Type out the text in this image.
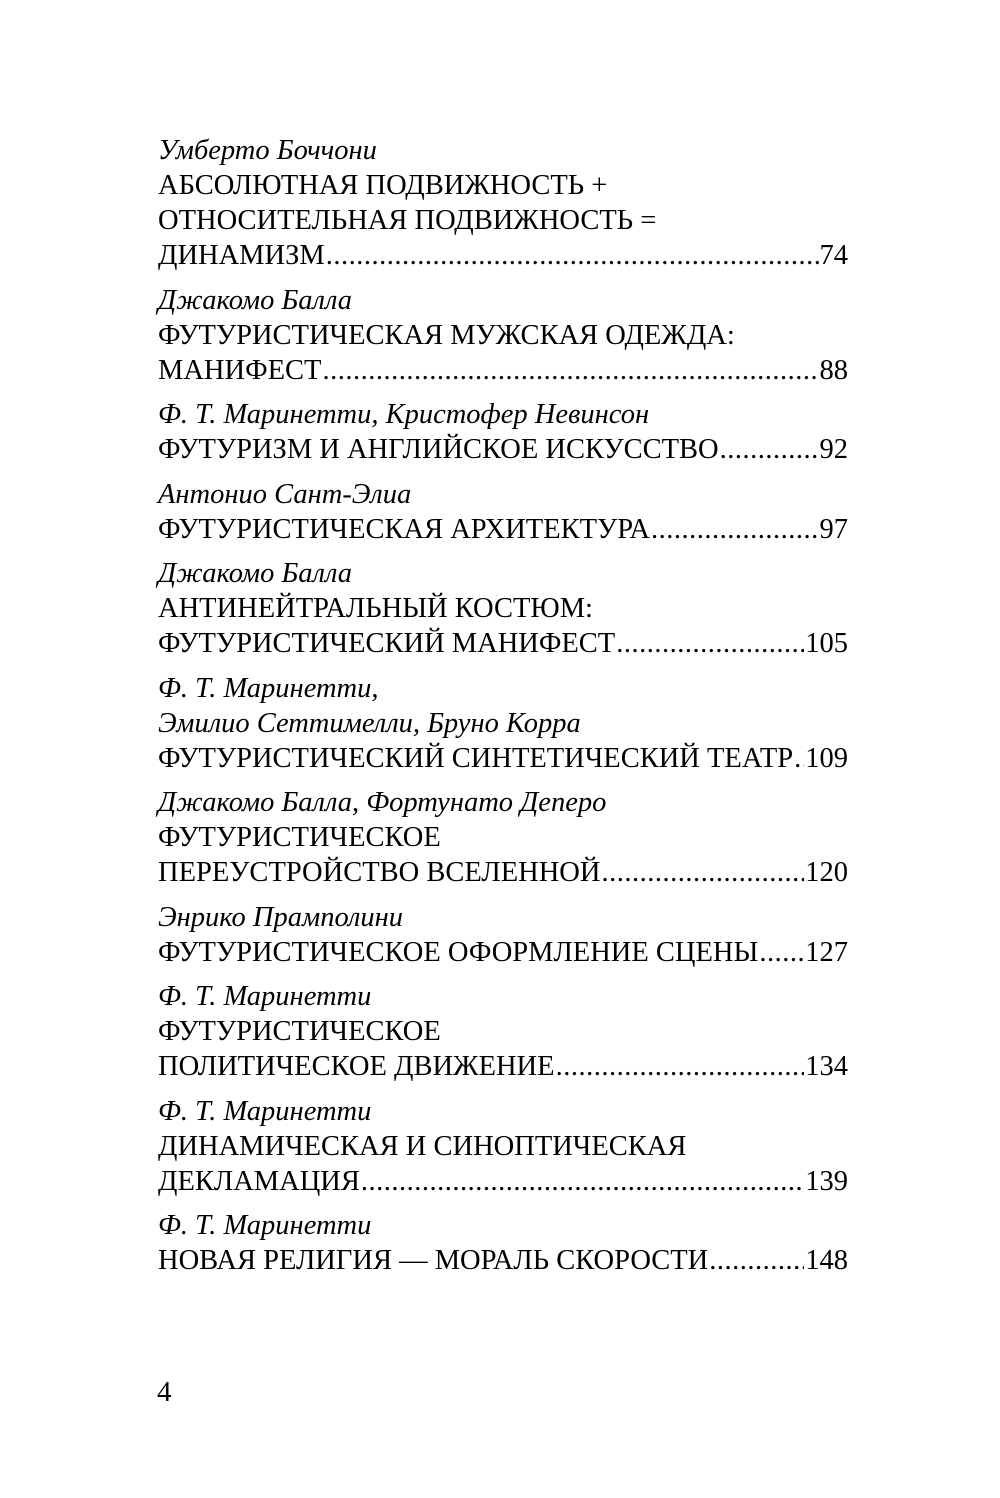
Умберто Боччони
АБСОЛЮТНАЯ ПОДВИЖНОСТЬ +
ОТНОСИТЕЛЬНАЯ ПОДВИЖНОСТЬ =
ДИНАМИЗМ .....	74
Джакомо Балла
ФУТУРИСТИЧЕСКАЯ МУЖСКАЯ ОДЕЖДА:
МАНИФЕСТ .....	88
Ф. Т. Маринетти, Кристофер Невинсон
ФУТУРИЗМ И АНГЛИЙСКОЕ ИСКУССТВО .....	92
Антонио Сант-Элиа
ФУТУРИСТИЧЕСКАЯ АРХИТЕКТУРА .....	97
Джакомо Балла
АНТИНЕЙТРАЛЬНЫЙ КОСТЮМ:
ФУТУРИСТИЧЕСКИЙ МАНИФЕСТ .....	105
Ф. Т. Маринетти,
Эмилио Сеттимелли, Бруно Корра
ФУТУРИСТИЧЕСКИЙ СИНТЕТИЧЕСКИЙ ТЕАТР ..... 109
Джакомо Балла, Фортунато Деперо
ФУТУРИСТИЧЕСКОЕ
ПЕРЕУСТРОЙСТВО ВСЕЛЕННОЙ .....	120
Энрико Прамполини
ФУТУРИСТИЧЕСКОЕ ОФОРМЛЕНИЕ СЦЕНЫ ..... 127
Ф. Т. Маринетти
ФУТУРИСТИЧЕСКОЕ
ПОЛИТИЧЕСКОЕ ДВИЖЕНИЕ .....	134
Ф. Т. Маринетти
ДИНАМИЧЕСКАЯ И СИНОПТИЧЕСКАЯ
ДЕКЛАМАЦИЯ .....	139
Ф. Т. Маринетти
НОВАЯ РЕЛИГИЯ — МОРАЛЬ СКОРОСТИ .....	148
4
